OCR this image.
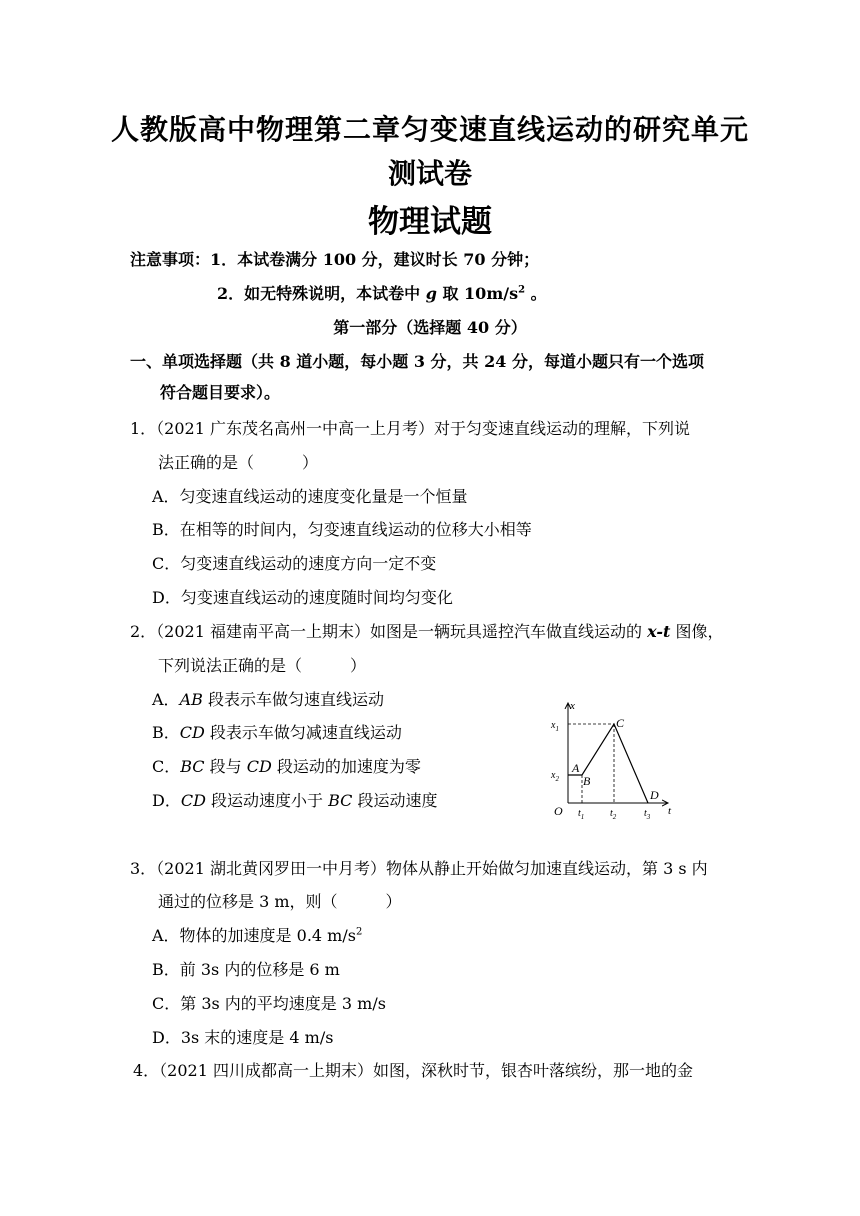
人教版高中物理第二章匀变速直线运动的研究单元
测试卷
物理试题
注意事项：1．本试卷满分 100 分，建议时长 70 分钟；
2．如无特殊说明，本试卷中 g 取 $10m/s^2$ 。
第一部分（选择题 40 分）
一、单项选择题（共 8 道小题，每小题 3 分，共 24 分，每道小题只有一个选项
符合题目要求）。
1．（2021 广东茂名高州一中高一上月考）对于匀变速直线运动的理解，下列说
法正确的是（　　　）
A．匀变速直线运动的速度变化量是一个恒量
B．在相等的时间内，匀变速直线运动的位移大小相等
C．匀变速直线运动的速度方向一定不变
D．匀变速直线运动的速度随时间均匀变化
2．（2021 福建南平高一上期末）如图是一辆玩具遥控汽车做直线运动的 x-t 图像，
下列说法正确的是（　　　）
A．AB 段表示车做匀速直线运动
B．CD 段表示车做匀减速直线运动
C．BC 段与 CD 段运动的加速度为零
D．CD 段运动速度小于 BC 段运动速度
x
t
O
$x_1$
$x_2$
$t_1$	$t_2$	$t_3$
A
B
C
D
3．（2021 湖北黄冈罗田一中月考）物体从静止开始做匀加速直线运动，第 3 s 内
通过的位移是 3 m，则（　　　）
A．物体的加速度是 0.4 $m/s^2$
B．前 3s 内的位移是 6 m
C．第 3s 内的平均速度是 3 m/s
D．3s 末的速度是 4 m/s
4．（2021 四川成都高一上期末）如图，深秋时节，银杏叶落缤纷，那一地的金
